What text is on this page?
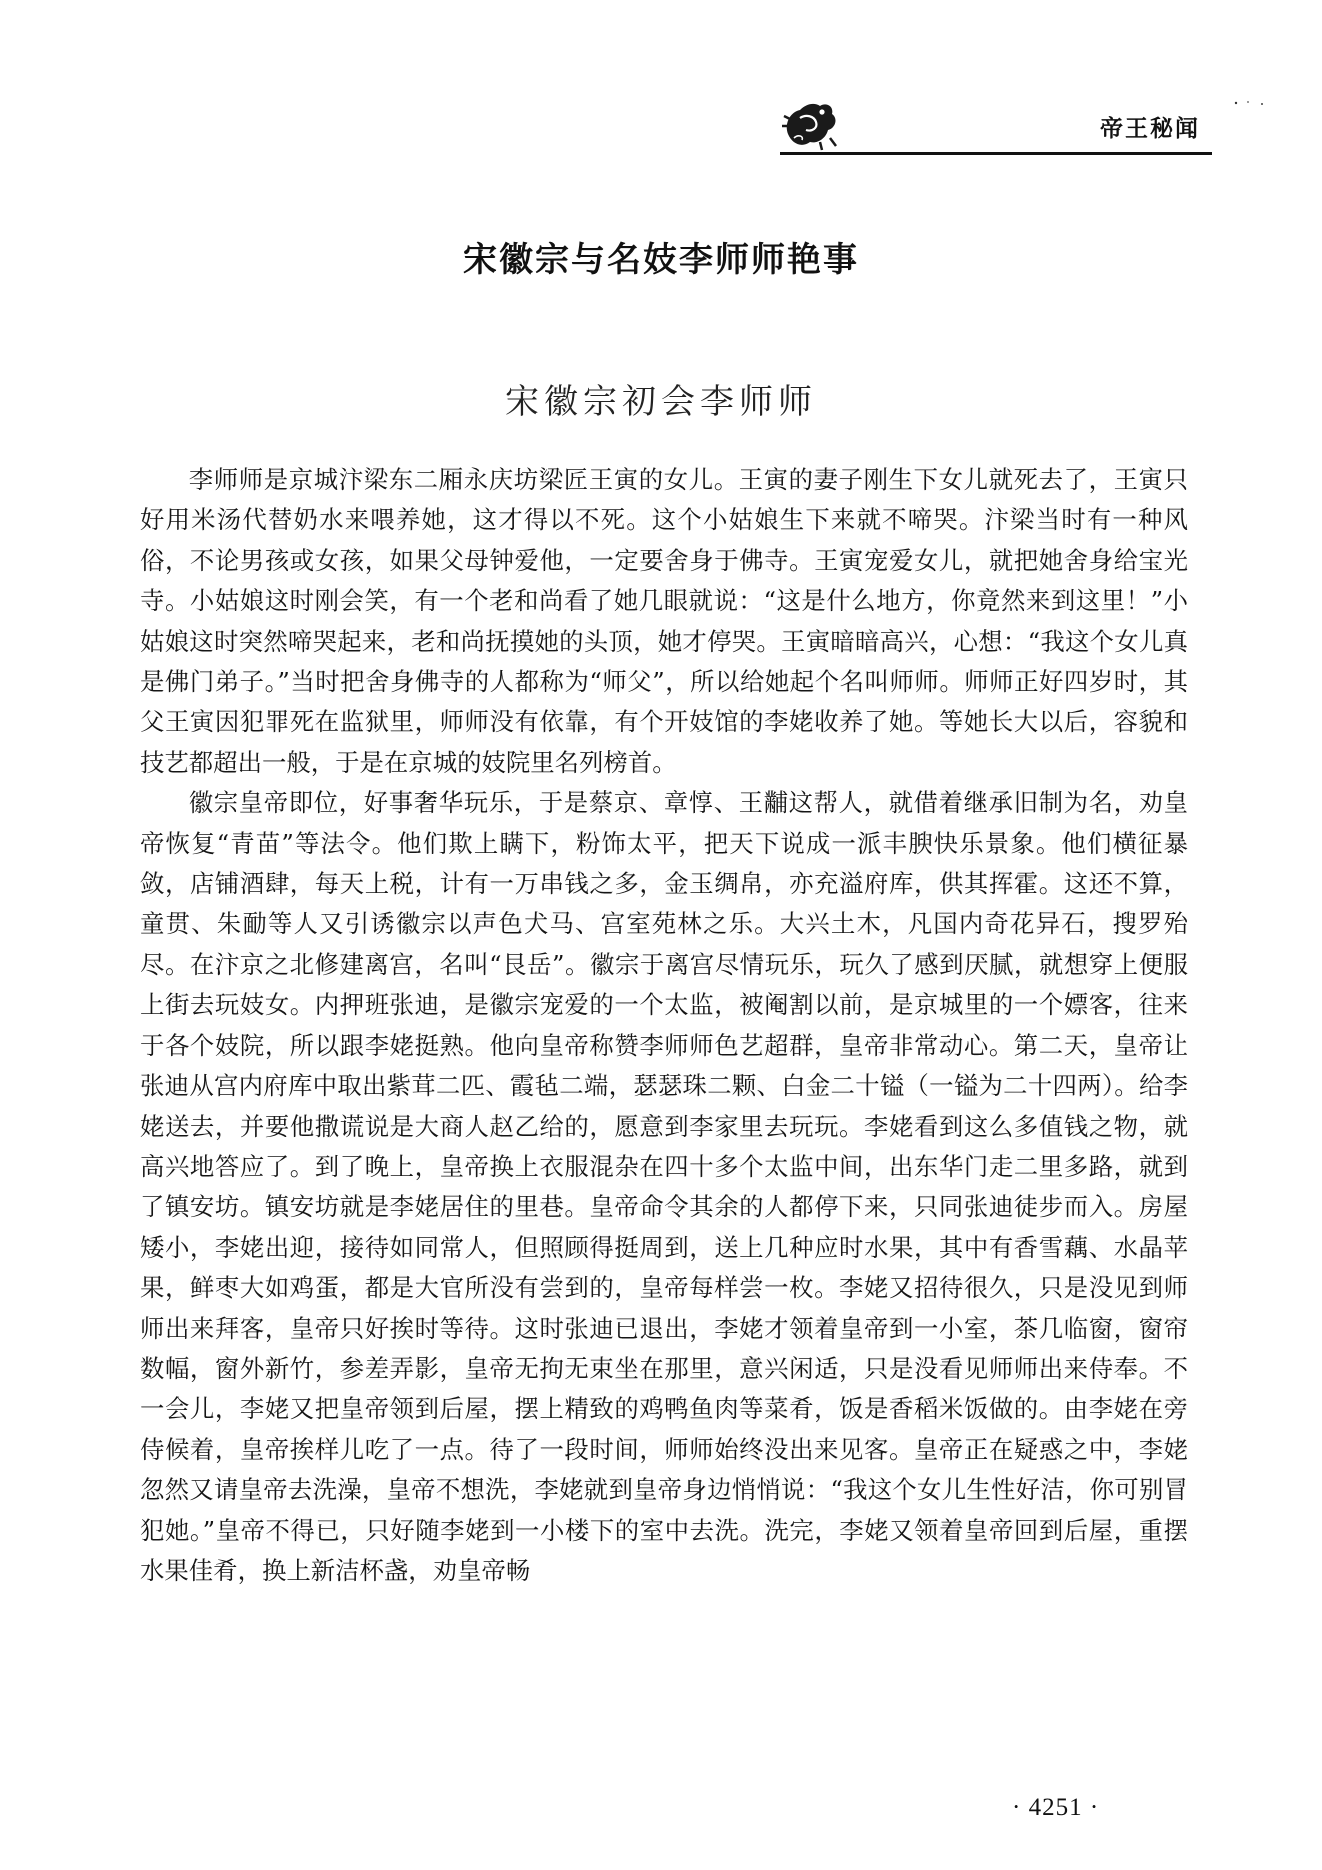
帝王秘闻
宋徽宗与名妓李师师艳事
宋徽宗初会李师师

李师师是京城汴梁东二厢永庆坊梁匠王寅的女儿。王寅的妻子刚生下女儿就死去了，王寅只好用米汤代替奶水来喂养她，这才得以不死。这个小姑娘生下来就不啼哭。汴梁当时有一种风俗，不论男孩或女孩，如果父母钟爱他，一定要舍身于佛寺。王寅宠爱女儿，就把她舍身给宝光寺。小姑娘这时刚会笑，有一个老和尚看了她几眼就说：“这是什么地方，你竟然来到这里！”小姑娘这时突然啼哭起来，老和尚抚摸她的头顶，她才停哭。王寅暗暗高兴，心想：“我这个女儿真是佛门弟子。”当时把舍身佛寺的人都称为“师父”，所以给她起个名叫师师。师师正好四岁时，其父王寅因犯罪死在监狱里，师师没有依靠，有个开妓馆的李姥收养了她。等她长大以后，容貌和技艺都超出一般，于是在京城的妓院里名列榜首。

徽宗皇帝即位，好事奢华玩乐，于是蔡京、章惇、王黼这帮人，就借着继承旧制为名，劝皇帝恢复“青苗”等法令。他们欺上瞒下，粉饰太平，把天下说成一派丰腴快乐景象。他们横征暴敛，店铺酒肆，每天上税，计有一万串钱之多，金玉绸帛，亦充溢府库，供其挥霍。这还不算，童贯、朱勔等人又引诱徽宗以声色犬马、宫室苑林之乐。大兴土木，凡国内奇花异石，搜罗殆尽。在汴京之北修建离宫，名叫“艮岳”。徽宗于离宫尽情玩乐，玩久了感到厌腻，就想穿上便服上街去玩妓女。内押班张迪，是徽宗宠爱的一个太监，被阉割以前，是京城里的一个嫖客，往来于各个妓院，所以跟李姥挺熟。他向皇帝称赞李师师色艺超群，皇帝非常动心。第二天，皇帝让张迪从宫内府库中取出紫茸二匹、霞毡二端，瑟瑟珠二颗、白金二十镒（一镒为二十四两）。给李姥送去，并要他撒谎说是大商人赵乙给的，愿意到李家里去玩玩。李姥看到这么多值钱之物，就高兴地答应了。到了晚上，皇帝换上衣服混杂在四十多个太监中间，出东华门走二里多路，就到了镇安坊。镇安坊就是李姥居住的里巷。皇帝命令其余的人都停下来，只同张迪徒步而入。房屋矮小，李姥出迎，接待如同常人，但照顾得挺周到，送上几种应时水果，其中有香雪藕、水晶苹果，鲜枣大如鸡蛋，都是大官所没有尝到的，皇帝每样尝一枚。李姥又招待很久，只是没见到师师出来拜客，皇帝只好挨时等待。这时张迪已退出，李姥才领着皇帝到一小室，茶几临窗，窗帘数幅，窗外新竹，参差弄影，皇帝无拘无束坐在那里，意兴闲适，只是没看见师师出来侍奉。不一会儿，李姥又把皇帝领到后屋，摆上精致的鸡鸭鱼肉等菜肴，饭是香稻米饭做的。由李姥在旁侍候着，皇帝挨样儿吃了一点。待了一段时间，师师始终没出来见客。皇帝正在疑惑之中，李姥忽然又请皇帝去洗澡，皇帝不想洗，李姥就到皇帝身边悄悄说：“我这个女儿生性好洁，你可别冒犯她。”皇帝不得已，只好随李姥到一小楼下的室中去洗。洗完，李姥又领着皇帝回到后屋，重摆水果佳肴，换上新洁杯盏，劝皇帝畅

· 4251 ·
